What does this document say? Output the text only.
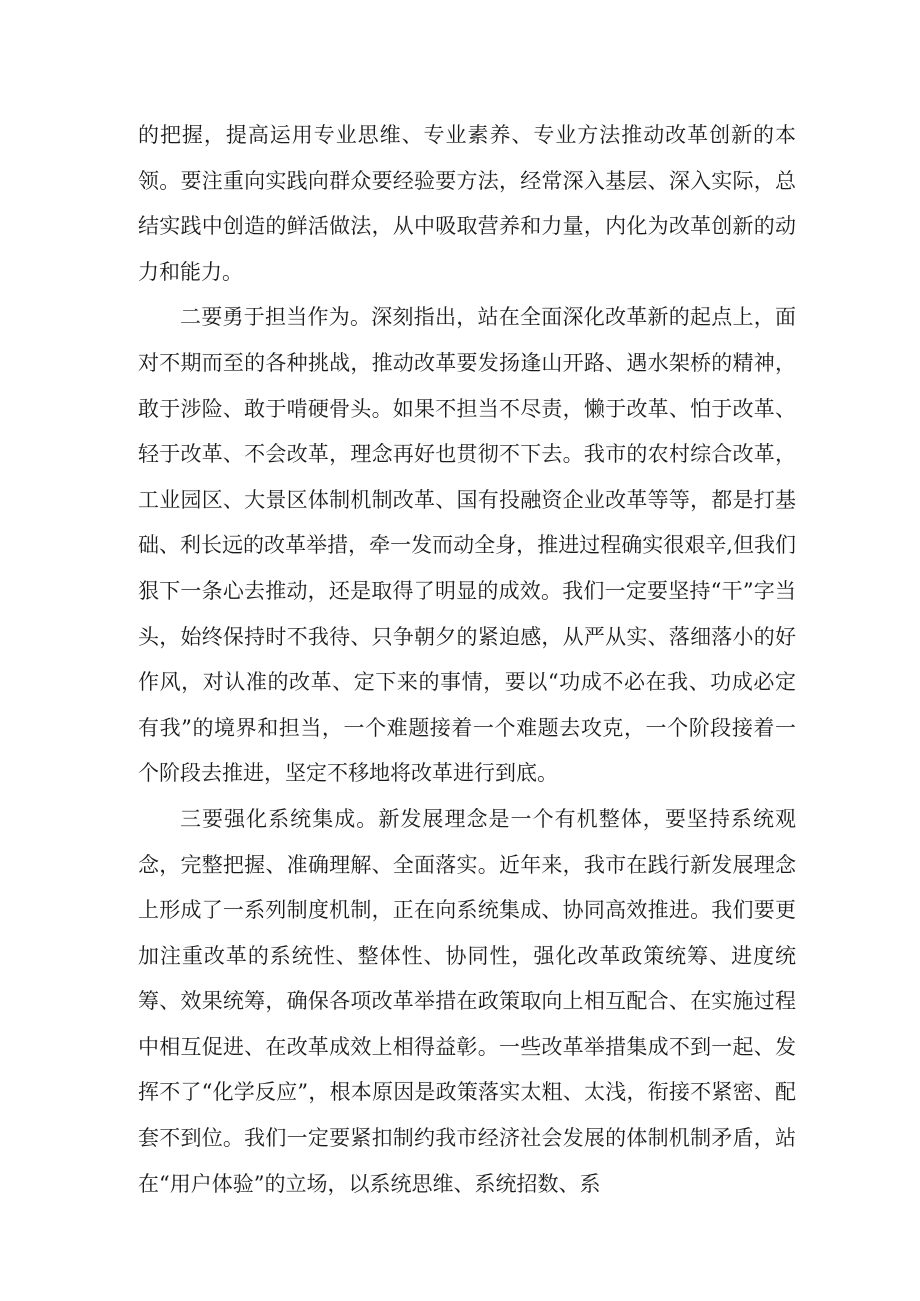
的把握，提高运用专业思维、专业素养、专业方法推动改革创新的本领。要注重向实践向群众要经验要方法，经常深入基层、深入实际，总结实践中创造的鲜活做法，从中吸取营养和力量，内化为改革创新的动力和能力。

二要勇于担当作为。深刻指出，站在全面深化改革新的起点上，面对不期而至的各种挑战，推动改革要发扬逢山开路、遇水架桥的精神，敢于涉险、敢于啃硬骨头。如果不担当不尽责，懒于改革、怕于改革、轻于改革、不会改革，理念再好也贯彻不下去。我市的农村综合改革，工业园区、大景区体制机制改革、国有投融资企业改革等等，都是打基础、利长远的改革举措，牵一发而动全身，推进过程确实很艰辛,但我们狠下一条心去推动，还是取得了明显的成效。我们一定要坚持“干”字当头，始终保持时不我待、只争朝夕的紧迫感，从严从实、落细落小的好作风，对认准的改革、定下来的事情，要以“功成不必在我、功成必定有我”的境界和担当，一个难题接着一个难题去攻克，一个阶段接着一个阶段去推进，坚定不移地将改革进行到底。

三要强化系统集成。新发展理念是一个有机整体，要坚持系统观念，完整把握、准确理解、全面落实。近年来，我市在践行新发展理念上形成了一系列制度机制，正在向系统集成、协同高效推进。我们要更加注重改革的系统性、整体性、协同性，强化改革政策统筹、进度统筹、效果统筹，确保各项改革举措在政策取向上相互配合、在实施过程中相互促进、在改革成效上相得益彰。一些改革举措集成不到一起、发挥不了“化学反应”，根本原因是政策落实太粗、太浅，衔接不紧密、配套不到位。我们一定要紧扣制约我市经济社会发展的体制机制矛盾，站在“用户体验”的立场，以系统思维、系统招数、系
